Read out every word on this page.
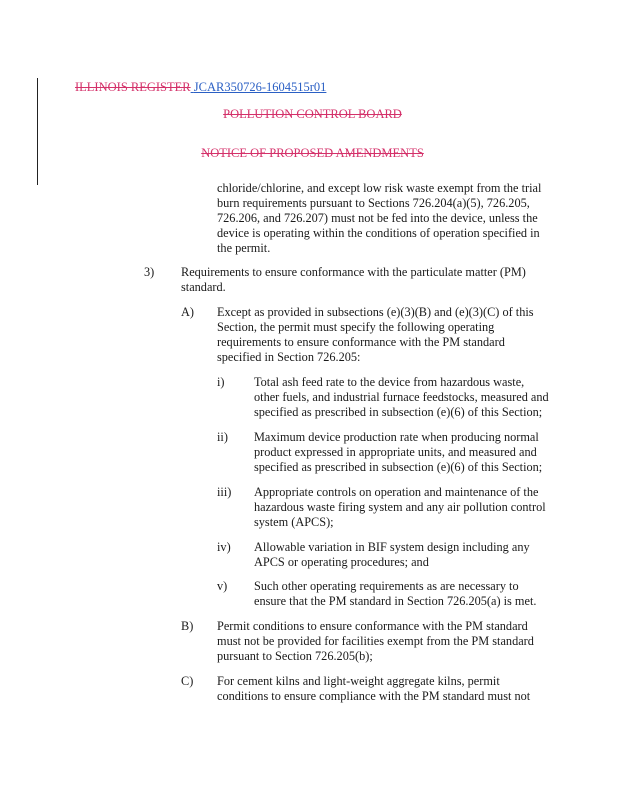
ILLINOIS REGISTER JCAR350726-1604515r01
POLLUTION CONTROL BOARD
NOTICE OF PROPOSED AMENDMENTS
chloride/chlorine, and except low risk waste exempt from the trial
burn requirements pursuant to Sections 726.204(a)(5), 726.205,
726.206, and 726.207) must not be fed into the device, unless the
device is operating within the conditions of operation specified in
the permit.
3) Requirements to ensure conformance with the particulate matter (PM)
standard.
A) Except as provided in subsections (e)(3)(B) and (e)(3)(C) of this
Section, the permit must specify the following operating
requirements to ensure conformance with the PM standard
specified in Section 726.205:
i) Total ash feed rate to the device from hazardous waste,
other fuels, and industrial furnace feedstocks, measured and
specified as prescribed in subsection (e)(6) of this Section;
ii) Maximum device production rate when producing normal
product expressed in appropriate units, and measured and
specified as prescribed in subsection (e)(6) of this Section;
iii) Appropriate controls on operation and maintenance of the
hazardous waste firing system and any air pollution control
system (APCS);
iv) Allowable variation in BIF system design including any
APCS or operating procedures; and
v) Such other operating requirements as are necessary to
ensure that the PM standard in Section 726.205(a) is met.
B) Permit conditions to ensure conformance with the PM standard
must not be provided for facilities exempt from the PM standard
pursuant to Section 726.205(b);
C) For cement kilns and light-weight aggregate kilns, permit
conditions to ensure compliance with the PM standard must not
